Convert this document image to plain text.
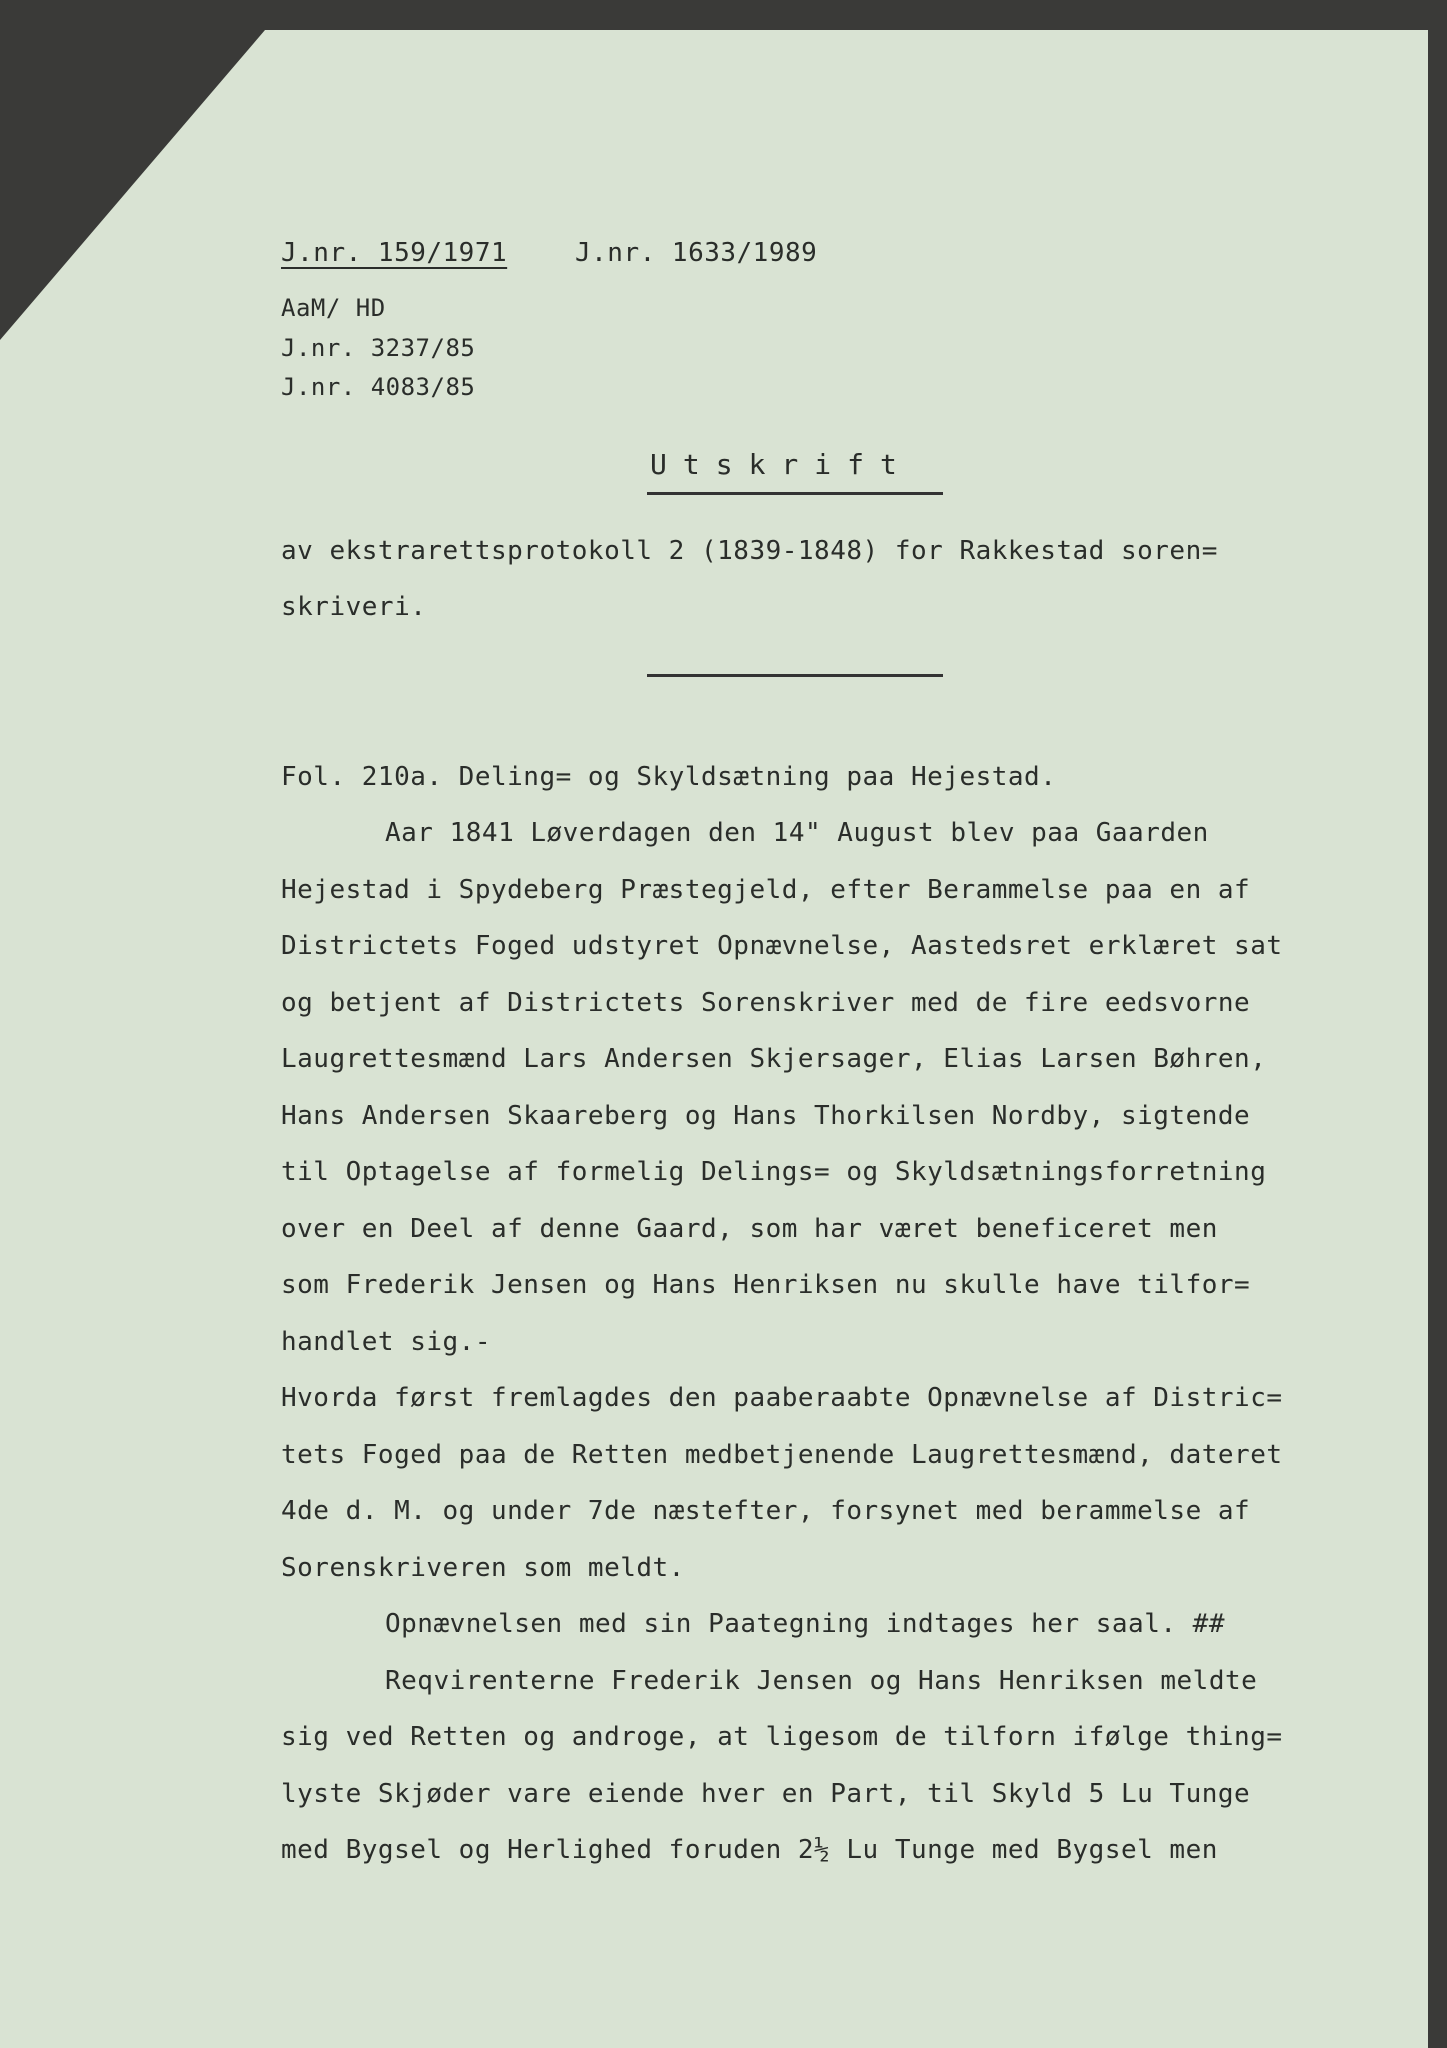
J.nr. 159/1971	J.nr. 1633/1989
AaM/ HD
J.nr. 3237/85
J.nr. 4083/85
Utskrift
av ekstrarettsprotokoll 2 (1839-1848) for Rakkestad soren=
skriveri.
Fol. 210a. Deling= og Skyldsætning paa Hejestad.
Aar 1841 Løverdagen den 14" August blev paa Gaarden
Hejestad i Spydeberg Præstegjeld, efter Berammelse paa en af
Districtets Foged udstyret Opnævnelse, Aastedsret erklæret sat
og betjent af Districtets Sorenskriver med de fire eedsvorne
Laugrettesmænd Lars Andersen Skjersager, Elias Larsen Bøhren,
Hans Andersen Skaareberg og Hans Thorkilsen Nordby, sigtende
til Optagelse af formelig Delings= og Skyldsætningsforretning
over en Deel af denne Gaard, som har været beneficeret men
som Frederik Jensen og Hans Henriksen nu skulle have tilfor=
handlet sig.-
Hvorda først fremlagdes den paaberaabte Opnævnelse af Distric=
tets Foged paa de Retten medbetjenende Laugrettesmænd, dateret
4de d. M. og under 7de næstefter, forsynet med berammelse af
Sorenskriveren som meldt.
Opnævnelsen med sin Paategning indtages her saal. ##
Reqvirenterne Frederik Jensen og Hans Henriksen meldte
sig ved Retten og androge, at ligesom de tilforn ifølge thing=
lyste Skjøder vare eiende hver en Part, til Skyld 5 Lu Tunge
med Bygsel og Herlighed foruden 2½ Lu Tunge med Bygsel men
